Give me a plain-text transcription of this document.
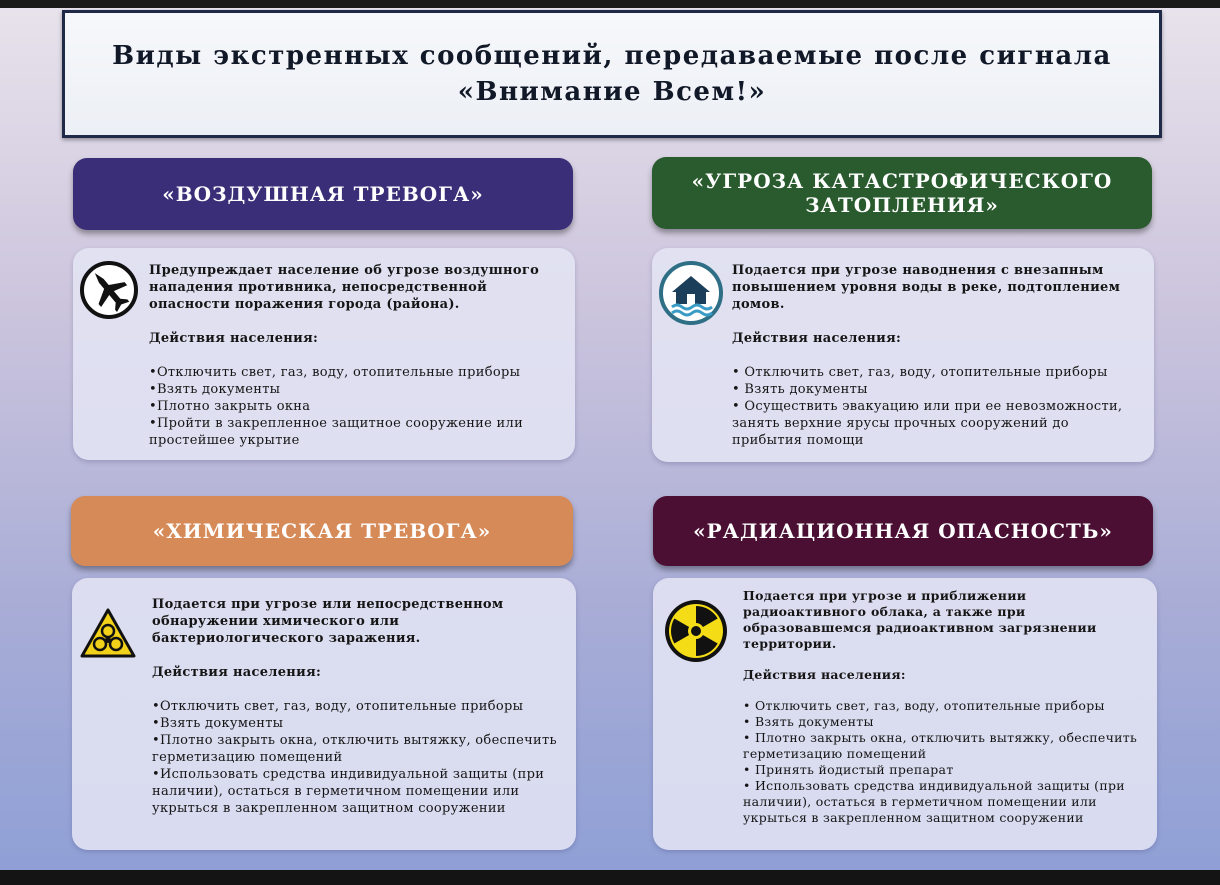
Виды экстренных сообщений, передаваемые после сигнала
«Внимание Всем!»
«ВОЗДУШНАЯ ТРЕВОГА»

Предупреждает население об угрозе воздушного нападения противника, непосредственной опасности поражения города (района).

Действия населения:

•Отключить свет, газ, воду, отопительные приборы
•Взять документы
•Плотно закрыть окна
•Пройти в закрепленное защитное сооружение или простейшее укрытие
«УГРОЗА КАТАСТРОФИЧЕСКОГО ЗАТОПЛЕНИЯ»

Подается при угрозе наводнения с внезапным повышением уровня воды в реке, подтоплением домов.

Действия населения:

• Отключить свет, газ, воду, отопительные приборы
• Взять документы
• Осуществить эвакуацию или при ее невозможности, занять верхние ярусы прочных сооружений до прибытия помощи
«ХИМИЧЕСКАЯ ТРЕВОГА»

Подается при угрозе или непосредственном обнаружении химического или бактериологического заражения.

Действия населения:

•Отключить свет, газ, воду, отопительные приборы
•Взять документы
•Плотно закрыть окна, отключить вытяжку, обеспечить герметизацию помещений
•Использовать средства индивидуальной защиты (при наличии), остаться в герметичном помещении или укрыться в закрепленном защитном сооружении
«РАДИАЦИОННАЯ ОПАСНОСТЬ»

Подается при угрозе и приближении радиоактивного облака, а также при образовавшемся радиоактивном загрязнении территории.

Действия населения:

• Отключить свет, газ, воду, отопительные приборы
• Взять документы
• Плотно закрыть окна, отключить вытяжку, обеспечить герметизацию помещений
• Принять йодистый препарат
• Использовать средства индивидуальной защиты (при наличии), остаться в герметичном помещении или укрыться в закрепленном защитном сооружении
